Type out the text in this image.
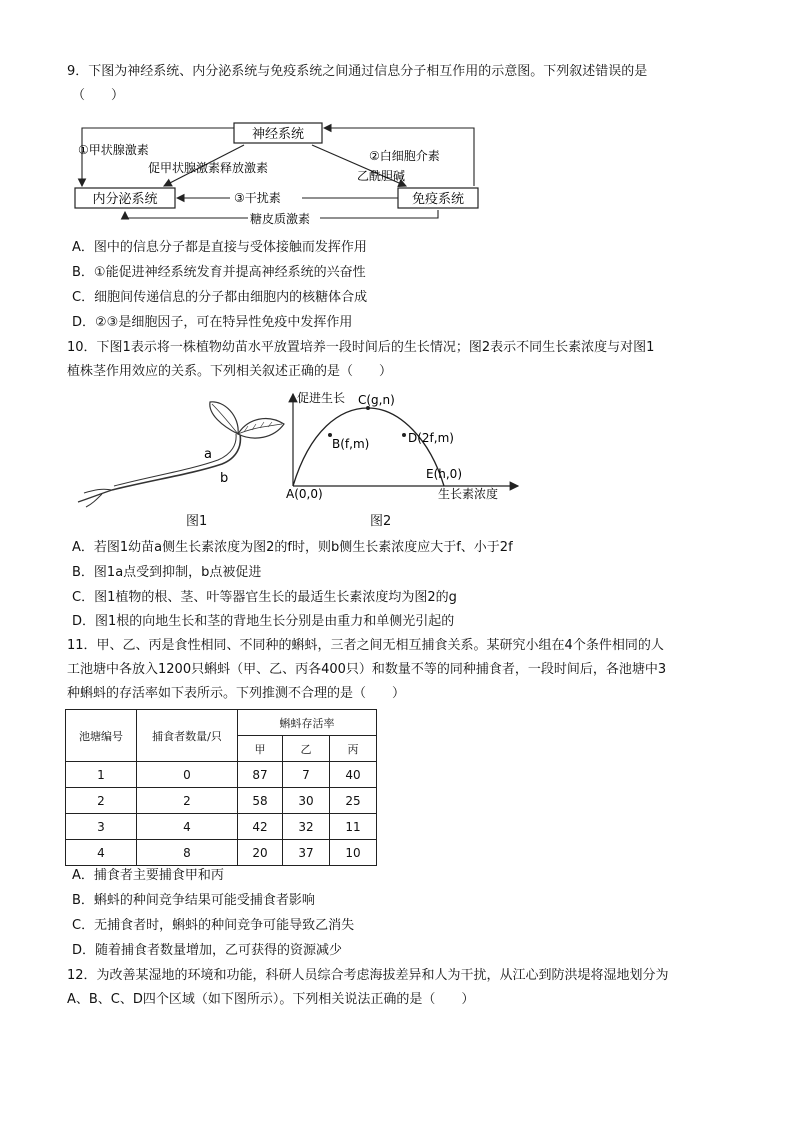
9．下图为神经系统、内分泌系统与免疫系统之间通过信息分子相互作用的示意图。下列叙述错误的是
（　　）
神经系统
内分泌系统	免疫系统
①甲状腺激素
促甲状腺激素释放激素
②白细胞介素
乙酰胆碱
③干扰素
糖皮质激素
A．图中的信息分子都是直接与受体接触而发挥作用
B．①能促进神经系统发育并提高神经系统的兴奋性
C．细胞间传递信息的分子都由细胞内的核糖体合成
D．②③是细胞因子，可在特异性免疫中发挥作用
10．下图1表示将一株植物幼苗水平放置培养一段时间后的生长情况；图2表示不同生长素浓度与对图1
植株茎作用效应的关系。下列相关叙述正确的是（　　）
a
b
促进生长 C(g,n)
B(f,m)	D(2f,m)
E(h,0)
A(0,0)	生长素浓度
图1	图2
A．若图1幼苗a侧生长素浓度为图2的f时，则b侧生长素浓度应大于f、小于2f
B．图1a点受到抑制，b点被促进
C．图1植物的根、茎、叶等器官生长的最适生长素浓度均为图2的g
D．图1根的向地生长和茎的背地生长分别是由重力和单侧光引起的
11．甲、乙、丙是食性相同、不同种的蝌蚪，三者之间无相互捕食关系。某研究小组在4个条件相同的人
工池塘中各放入1200只蝌蚪（甲、乙、丙各400只）和数量不等的同种捕食者，一段时间后，各池塘中3
种蝌蚪的存活率如下表所示。下列推测不合理的是（　　）
池塘编号	捕食者数量/只	蝌蚪存活率		
		甲	乙	丙
1	0	87	7	40
2	2	58	30	25
3	4	42	32	11
4	8	20	37	10
A．捕食者主要捕食甲和丙
B．蝌蚪的种间竞争结果可能受捕食者影响
C．无捕食者时，蝌蚪的种间竞争可能导致乙消失
D．随着捕食者数量增加，乙可获得的资源减少
12．为改善某湿地的环境和功能，科研人员综合考虑海拔差异和人为干扰，从江心到防洪堤将湿地划分为
A、B、C、D四个区域（如下图所示）。下列相关说法正确的是（　　）
